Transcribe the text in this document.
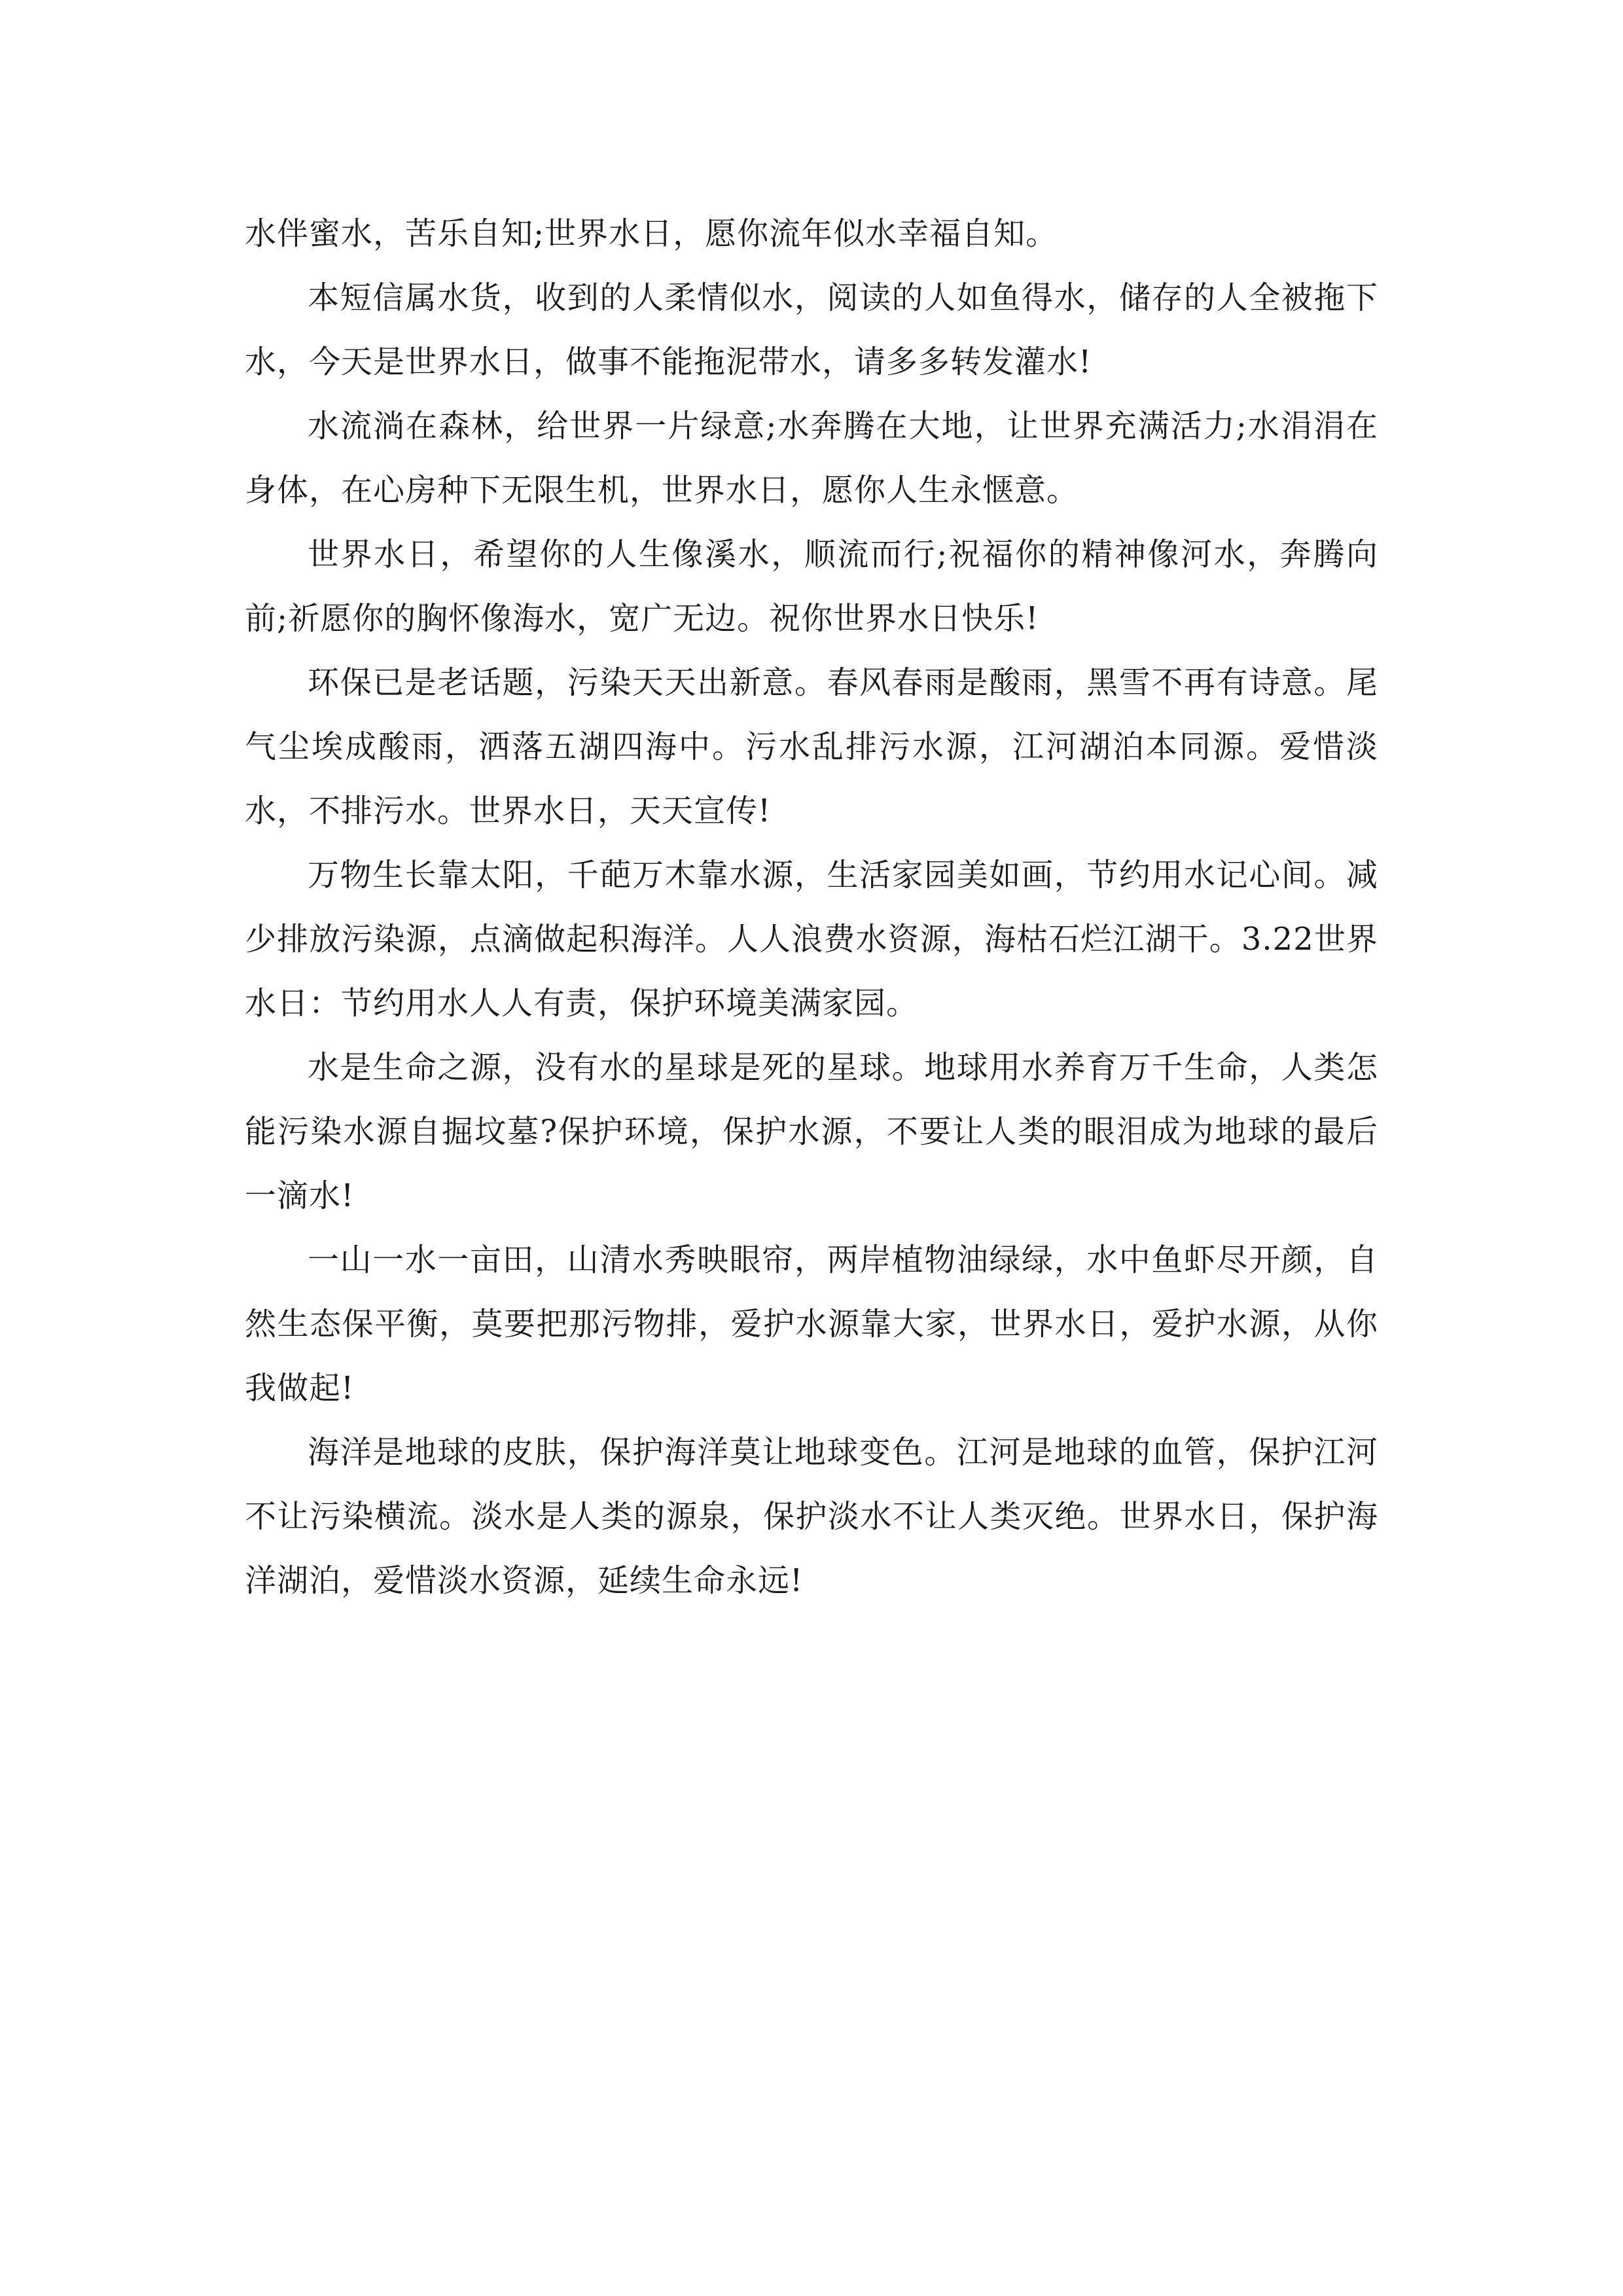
水伴蜜水，苦乐自知;世界水日，愿你流年似水幸福自知。

本短信属水货，收到的人柔情似水，阅读的人如鱼得水，储存的人全被拖下水，今天是世界水日，做事不能拖泥带水，请多多转发灌水!

水流淌在森林，给世界一片绿意;水奔腾在大地，让世界充满活力;水涓涓在身体，在心房种下无限生机，世界水日，愿你人生永惬意。

世界水日，希望你的人生像溪水，顺流而行;祝福你的精神像河水，奔腾向前;祈愿你的胸怀像海水，宽广无边。祝你世界水日快乐!

环保已是老话题，污染天天出新意。春风春雨是酸雨，黑雪不再有诗意。尾气尘埃成酸雨，洒落五湖四海中。污水乱排污水源，江河湖泊本同源。爱惜淡水，不排污水。世界水日，天天宣传!

万物生长靠太阳，千葩万木靠水源，生活家园美如画，节约用水记心间。减少排放污染源，点滴做起积海洋。人人浪费水资源，海枯石烂江湖干。3.22世界水日：节约用水人人有责，保护环境美满家园。

水是生命之源，没有水的星球是死的星球。地球用水养育万千生命，人类怎能污染水源自掘坟墓?保护环境，保护水源，不要让人类的眼泪成为地球的最后一滴水!

一山一水一亩田，山清水秀映眼帘，两岸植物油绿绿，水中鱼虾尽开颜，自然生态保平衡，莫要把那污物排，爱护水源靠大家，世界水日，爱护水源，从你我做起!

海洋是地球的皮肤，保护海洋莫让地球变色。江河是地球的血管，保护江河不让污染横流。淡水是人类的源泉，保护淡水不让人类灭绝。世界水日，保护海洋湖泊，爱惜淡水资源，延续生命永远!
